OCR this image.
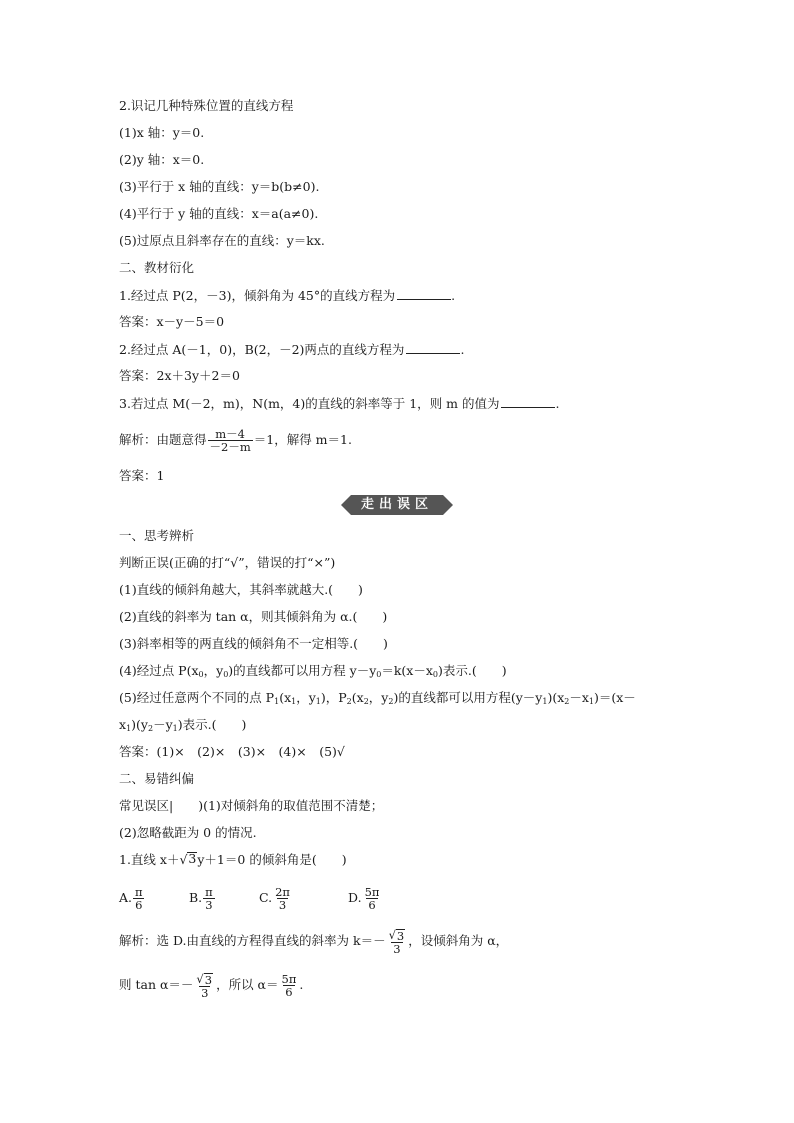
2.识记几种特殊位置的直线方程
(1)x 轴：y＝0.
(2)y 轴：x＝0.
(3)平行于 x 轴的直线：y＝b(b≠0).
(4)平行于 y 轴的直线：x＝a(a≠0).
(5)过原点且斜率存在的直线：y＝kx.
二、教材衍化
1.经过点 P(2，－3)，倾斜角为 45°的直线方程为	.
答案：x－y－5＝0
2.经过点 A(－1，0)，B(2，－2)两点的直线方程为	.
答案：2x＋3y＋2＝0
3.若过点 M(－2，m)，N(m，4)的直线的斜率等于 1，则 m 的值为	.
解析：由题意得 $\frac{m-4}{-2-m} =1$，解得 m＝1.
答案：1
走出误区
一、思考辨析
判断正误(正确的打“√”，错误的打“×”)
(1)直线的倾斜角越大，其斜率就越大.(　　)
(2)直线的斜率为 tan α，则其倾斜角为 α.(　　)
(3)斜率相等的两直线的倾斜角不一定相等.(　　)
(4)经过点 $P(x_0$，$y_0$)的直线都可以用方程 $y-y_0=k(x-x_0)$表示.(　　)
(5)经过任意两个不同的点 $P_1(x_1$，$y_1$)，$P_2(x_2$，$y_2$)的直线都可以用方程$(y-y_1)(x_2-x_1)=(x-$
$x_1)(y_2-y_1)$表示.(　　)
答案：(1)×　(2)×　(3)×　(4)×　(5)√
二、易错纠偏
常见误区|　　)(1)对倾斜角的取值范围不清楚；
(2)忽略截距为 0 的情况.
1.直线 x＋ √ 3 y＋1＝0 的倾斜角是(　　)
A. $\frac{\pi}{6}$	B. $\frac{\pi}{3}$	C. $\frac{2\pi}{3}$	D. $\frac{5\pi}{6}$
解析：选 D.由直线的方程得直线的斜率为 $k=- \frac{√ 3}{3}$ ，设倾斜角为 α，
则 $\tan \alpha=- \frac{√ 3}{3}$ ，所以 $\alpha= \frac{5\pi}{6}$ .
